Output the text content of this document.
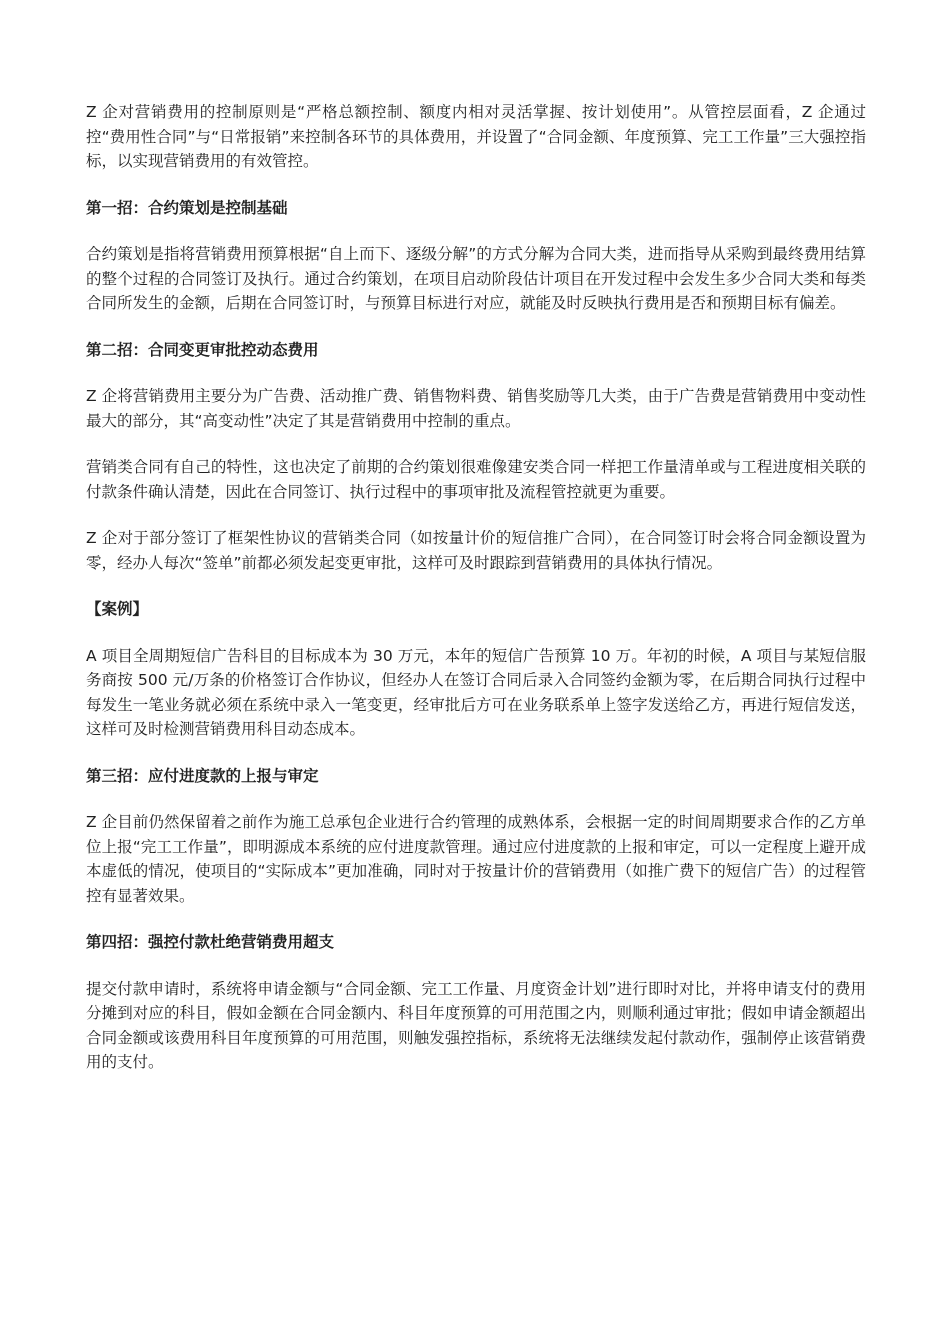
Z 企对营销费用的控制原则是“严格总额控制、额度内相对灵活掌握、按计划使用”。从管控层面看，Z 企通过控“费用性合同”与“日常报销”来控制各环节的具体费用，并设置了“合同金额、年度预算、完工工作量”三大强控指标，以实现营销费用的有效管控。

第一招：合约策划是控制基础

合约策划是指将营销费用预算根据“自上而下、逐级分解”的方式分解为合同大类，进而指导从采购到最终费用结算的整个过程的合同签订及执行。通过合约策划，在项目启动阶段估计项目在开发过程中会发生多少合同大类和每类合同所发生的金额，后期在合同签订时，与预算目标进行对应，就能及时反映执行费用是否和预期目标有偏差。

第二招：合同变更审批控动态费用

Z 企将营销费用主要分为广告费、活动推广费、销售物料费、销售奖励等几大类，由于广告费是营销费用中变动性最大的部分，其“高变动性”决定了其是营销费用中控制的重点。

营销类合同有自己的特性，这也决定了前期的合约策划很难像建安类合同一样把工作量清单或与工程进度相关联的付款条件确认清楚，因此在合同签订、执行过程中的事项审批及流程管控就更为重要。

Z 企对于部分签订了框架性协议的营销类合同（如按量计价的短信推广合同），在合同签订时会将合同金额设置为零，经办人每次“签单”前都必须发起变更审批，这样可及时跟踪到营销费用的具体执行情况。

【案例】

A 项目全周期短信广告科目的目标成本为 30 万元，本年的短信广告预算 10 万。年初的时候，A 项目与某短信服务商按 500 元/万条的价格签订合作协议，但经办人在签订合同后录入合同签约金额为零，在后期合同执行过程中每发生一笔业务就必须在系统中录入一笔变更，经审批后方可在业务联系单上签字发送给乙方，再进行短信发送，这样可及时检测营销费用科目动态成本。

第三招：应付进度款的上报与审定

Z 企目前仍然保留着之前作为施工总承包企业进行合约管理的成熟体系，会根据一定的时间周期要求合作的乙方单位上报“完工工作量”，即明源成本系统的应付进度款管理。通过应付进度款的上报和审定，可以一定程度上避开成本虚低的情况，使项目的“实际成本”更加准确，同时对于按量计价的营销费用（如推广费下的短信广告）的过程管控有显著效果。

第四招：强控付款杜绝营销费用超支

提交付款申请时，系统将申请金额与“合同金额、完工工作量、月度资金计划”进行即时对比，并将申请支付的费用分摊到对应的科目，假如金额在合同金额内、科目年度预算的可用范围之内，则顺利通过审批；假如申请金额超出合同金额或该费用科目年度预算的可用范围，则触发强控指标，系统将无法继续发起付款动作，强制停止该营销费用的支付。
